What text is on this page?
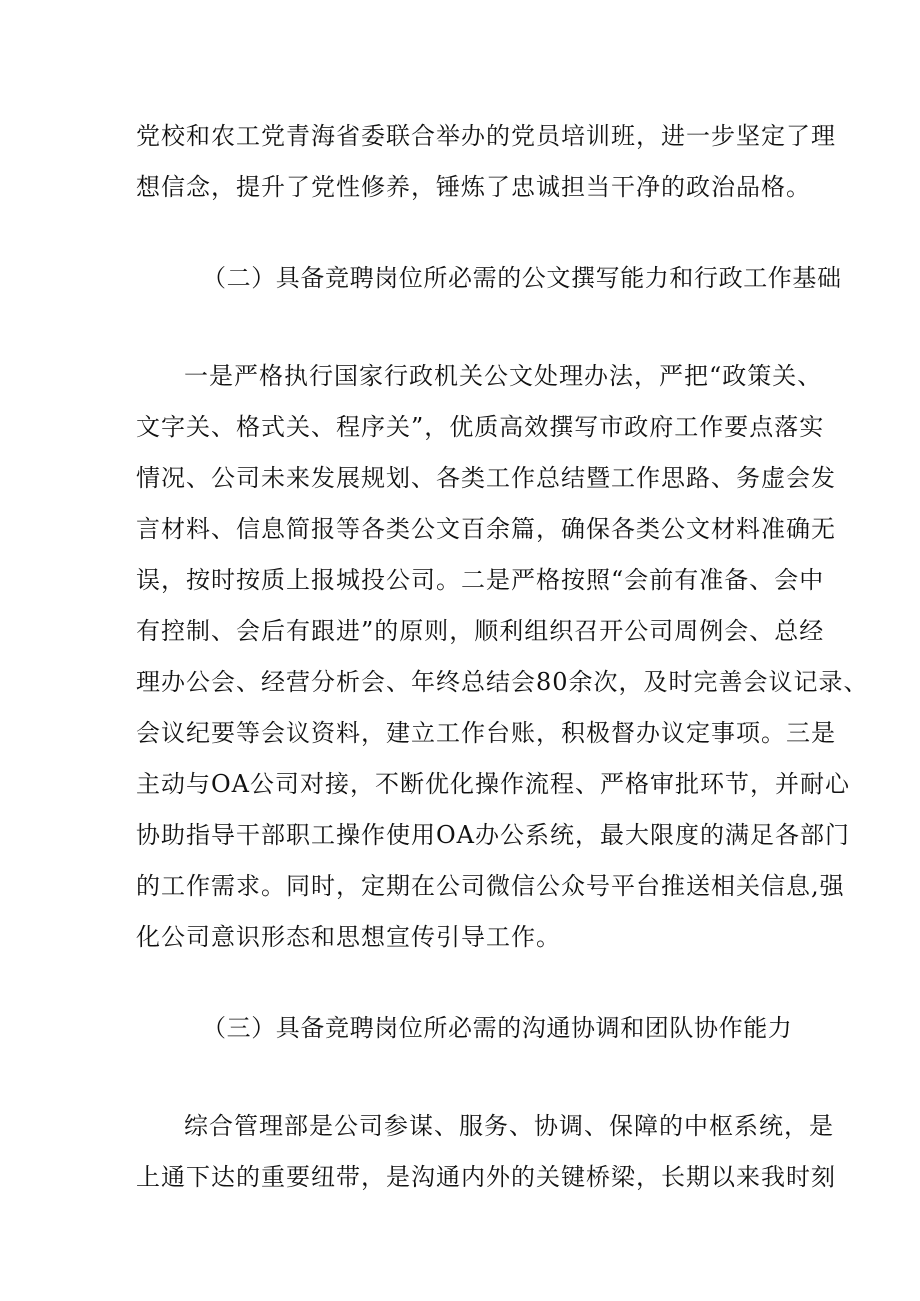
党校和农工党青海省委联合举办的党员培训班，进一步坚定了理
想信念，提升了党性修养，锤炼了忠诚担当干净的政治品格。
（二）具备竞聘岗位所必需的公文撰写能力和行政工作基础
一是严格执行国家行政机关公文处理办法，严把“政策关、
文字关、格式关、程序关”，优质高效撰写市政府工作要点落实
情况、公司未来发展规划、各类工作总结暨工作思路、务虚会发
言材料、信息简报等各类公文百余篇，确保各类公文材料准确无
误，按时按质上报城投公司。二是严格按照“会前有准备、会中
有控制、会后有跟进”的原则，顺利组织召开公司周例会、总经
理办公会、经营分析会、年终总结会80余次，及时完善会议记录、
会议纪要等会议资料，建立工作台账，积极督办议定事项。三是
主动与OA公司对接，不断优化操作流程、严格审批环节，并耐心
协助指导干部职工操作使用OA办公系统，最大限度的满足各部门
的工作需求。同时，定期在公司微信公众号平台推送相关信息,强
化公司意识形态和思想宣传引导工作。
（三）具备竞聘岗位所必需的沟通协调和团队协作能力
综合管理部是公司参谋、服务、协调、保障的中枢系统，是
上通下达的重要纽带，是沟通内外的关键桥梁，长期以来我时刻
